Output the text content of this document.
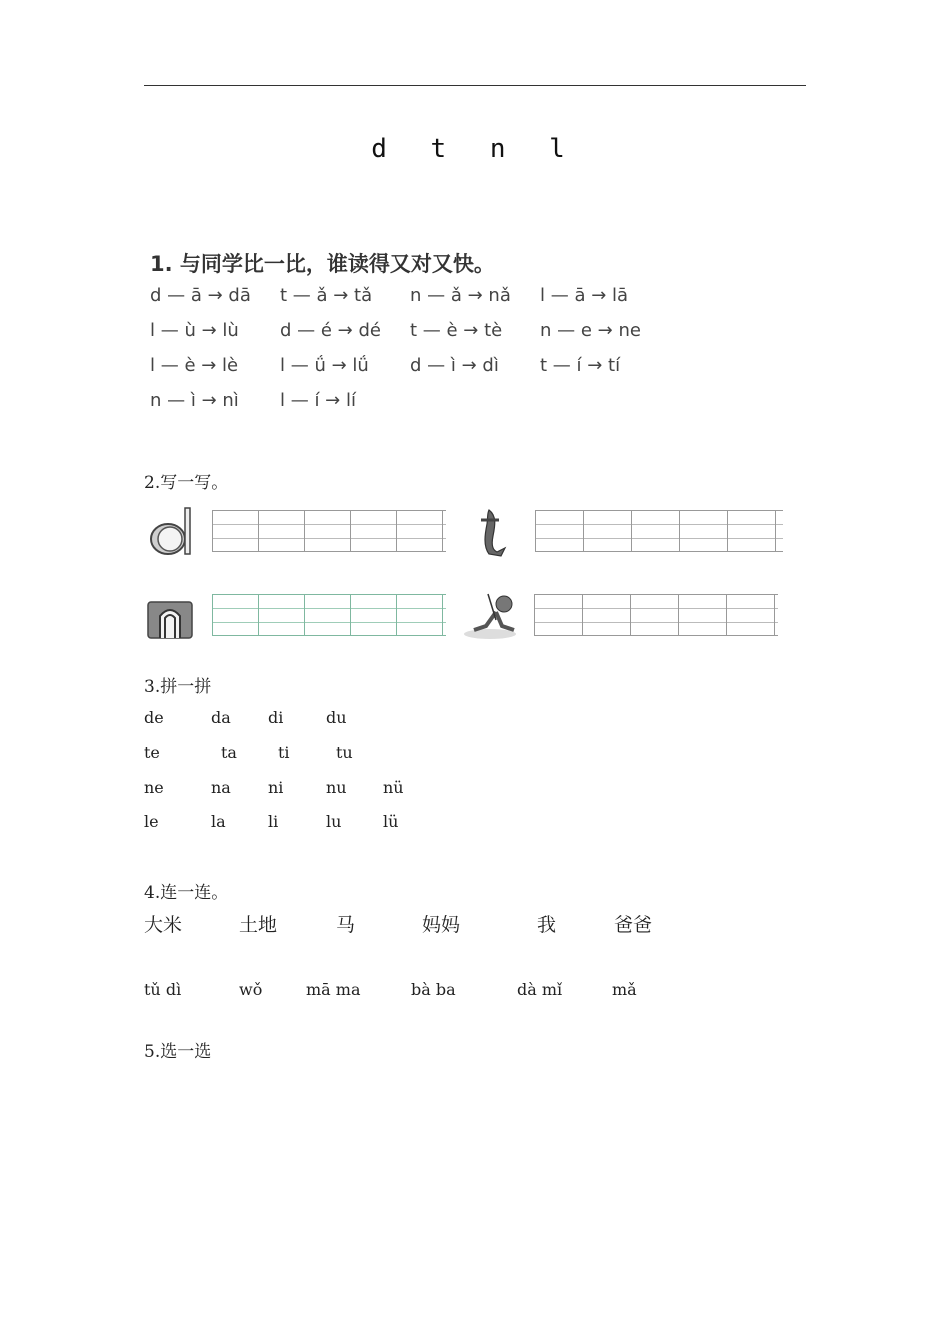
d t n l
1. 与同学比一比，谁读得又对又快。
d — ā → dā t — ǎ → tǎ n — ǎ → nǎ l — ā → lā
l — ù → lù d — é → dé t — è → tè n — e → ne
l — è → lè l — ǘ → lǘ d — ì → dì t — í → tí
n — ì → nì l — í → lí
2.写一写。
3.拼一拼
de	da di	du
te	ta	ti	tu
ne	na ni	nu nü
le	la	li	lu	lü
4.连一连。
大米	土地	马	妈妈	我	爸爸
tǔ dì	wǒ	mā ma	bà ba	dà mǐ	mǎ
5.选一选
